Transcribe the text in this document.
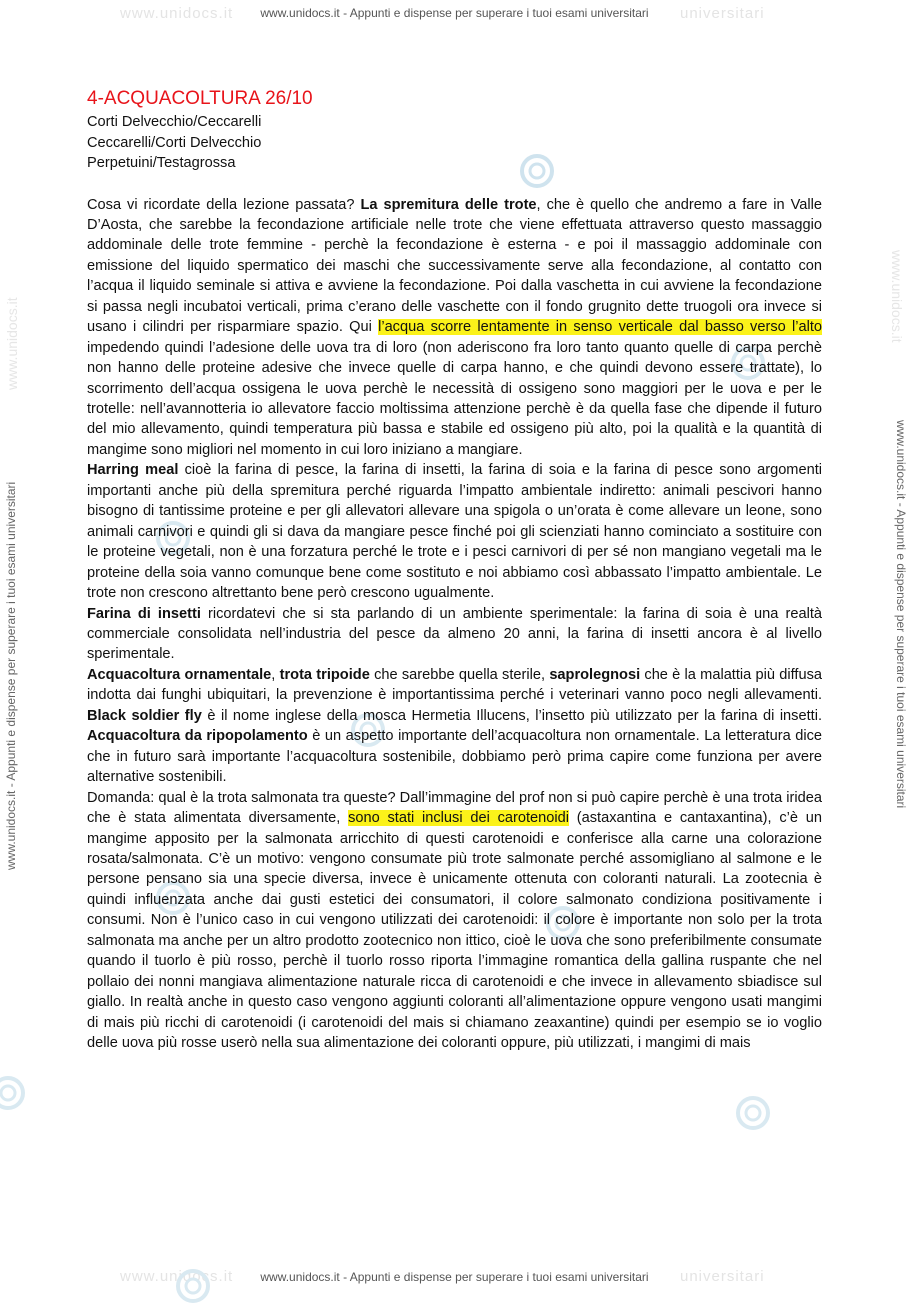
www.unidocs.it	universitari
www.unidocs.it - Appunti e dispense per superare i tuoi esami universitari
www.unidocs.it	universitari
www.unidocs.it - Appunti e dispense per superare i tuoi esami universitari
www.unidocs.it - Appunti e dispense per superare i tuoi esami universitari	www.unidocs.it - Appunti e dispense per superare i tuoi esami universitari
www.unidocs.it
www.unidocs.it
4-ACQUACOLTURA 26/10
Corti Delvecchio/Ceccarelli
Ceccarelli/Corti Delvecchio
Perpetuini/Testagrossa

Cosa vi ricordate della lezione passata? La spremitura delle trote, che è quello che andremo a fare in Valle D’Aosta, che sarebbe la fecondazione artificiale nelle trote che viene effettuata attraverso questo massaggio addominale delle trote femmine - perchè la fecondazione è esterna - e poi il massaggio addominale con emissione del liquido spermatico dei maschi che successivamente serve alla fecondazione, al contatto con l’acqua il liquido seminale si attiva e avviene la fecondazione. Poi dalla vaschetta in cui avviene la fecondazione si passa negli incubatoi verticali, prima c’erano delle vaschette con il fondo grugnito dette truogoli ora invece si usano i cilindri per risparmiare spazio. Qui l’acqua scorre lentamente in senso verticale dal basso verso l’alto impedendo quindi l’adesione delle uova tra di loro (non aderiscono fra loro tanto quanto quelle di carpa perchè non hanno delle proteine adesive che invece quelle di carpa hanno, e che quindi devono essere trattate), lo scorrimento dell’acqua ossigena le uova perchè le necessità di ossigeno sono maggiori per le uova e per le trotelle: nell’avannotteria io allevatore faccio moltissima attenzione perchè è da quella fase che dipende il futuro del mio allevamento, quindi temperatura più bassa e stabile ed ossigeno più alto, poi la qualità e la quantità di mangime sono migliori nel momento in cui loro iniziano a mangiare.

Harring meal cioè la farina di pesce, la farina di insetti, la farina di soia e la farina di pesce sono argomenti importanti anche più della spremitura perché riguarda l’impatto ambientale indiretto: animali pescivori hanno bisogno di tantissime proteine e per gli allevatori allevare una spigola o un’orata è come allevare un leone, sono animali carnivori e quindi gli si dava da mangiare pesce finché poi gli scienziati hanno cominciato a sostituire con le proteine vegetali, non è una forzatura perché le trote e i pesci carnivori di per sé non mangiano vegetali ma le proteine della soia vanno comunque bene come sostituto e noi abbiamo così abbassato l’impatto ambientale. Le trote non crescono altrettanto bene però crescono ugualmente.

Farina di insetti ricordatevi che si sta parlando di un ambiente sperimentale: la farina di soia è una realtà commerciale consolidata nell’industria del pesce da almeno 20 anni, la farina di insetti ancora è al livello sperimentale.

Acquacoltura ornamentale, trota tripoide che sarebbe quella sterile, saprolegnosi che è la malattia più diffusa indotta dai funghi ubiquitari, la prevenzione è importantissima perché i veterinari vanno poco negli allevamenti. Black soldier fly è il nome inglese della mosca Hermetia Illucens, l’insetto più utilizzato per la farina di insetti. Acquacoltura da ripopolamento è un aspetto importante dell’acquacoltura non ornamentale. La letteratura dice che in futuro sarà importante l’acquacoltura sostenibile, dobbiamo però prima capire come funziona per avere alternative sostenibili.

Domanda: qual è la trota salmonata tra queste? Dall’immagine del prof non si può capire perchè è una trota iridea che è stata alimentata diversamente, sono stati inclusi dei carotenoidi (astaxantina e cantaxantina), c’è un mangime apposito per la salmonata arricchito di questi carotenoidi e conferisce alla carne una colorazione rosata/salmonata. C’è un motivo: vengono consumate più trote salmonate perché assomigliano al salmone e le persone pensano sia una specie diversa, invece è unicamente ottenuta con coloranti naturali. La zootecnia è quindi influenzata anche dai gusti estetici dei consumatori, il colore salmonato condiziona positivamente i consumi. Non è l’unico caso in cui vengono utilizzati dei carotenoidi: il colore è importante non solo per la trota salmonata ma anche per un altro prodotto zootecnico non ittico, cioè le uova che sono preferibilmente consumate quando il tuorlo è più rosso, perchè il tuorlo rosso riporta l’immagine romantica della gallina ruspante che nel pollaio dei nonni mangiava alimentazione naturale ricca di carotenoidi e che invece in allevamento sbiadisce sul giallo. In realtà anche in questo caso vengono aggiunti coloranti all’alimentazione oppure vengono usati mangimi di mais più ricchi di carotenoidi (i carotenoidi del mais si chiamano zeaxantine) quindi per esempio se io voglio delle uova più rosse userò nella sua alimentazione dei coloranti oppure, più utilizzati, i mangimi di mais
